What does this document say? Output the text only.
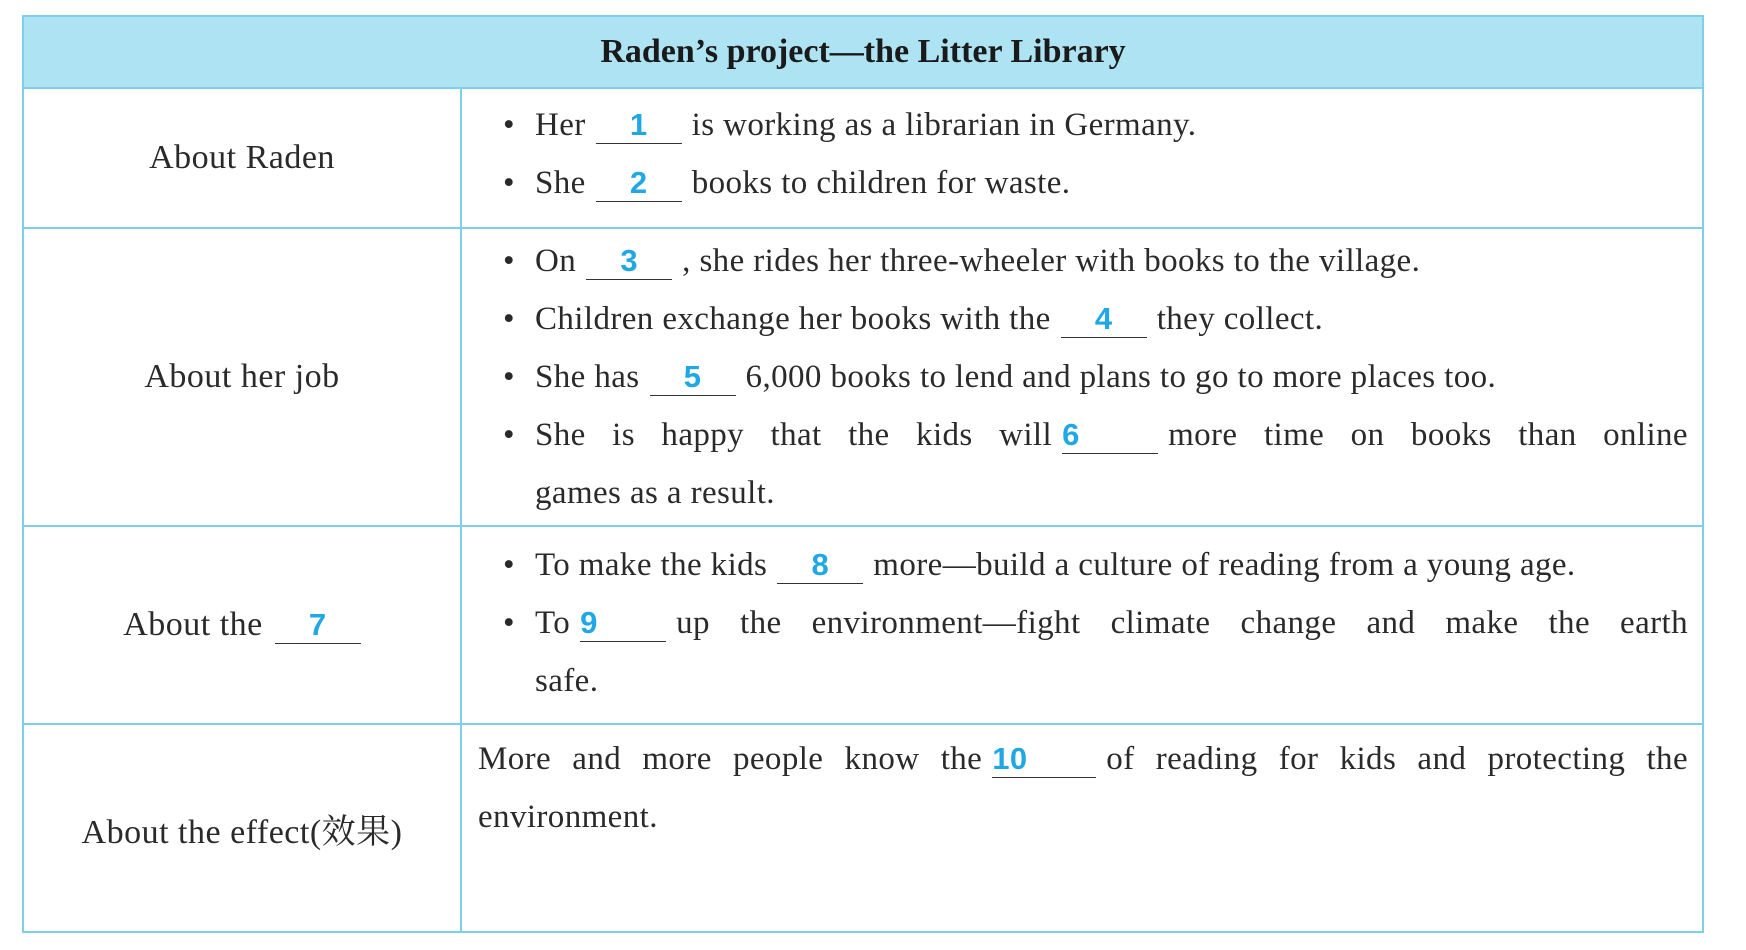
Raden’s project—the Litter Library
About Raden
• Her 1 is working as a librarian in Germany.
• She 2 books to children for waste.
About her job
• On 3 , she rides her three-wheeler with books to the village.
• Children exchange her books with the 4 they collect.
• She has 5 6,000 books to lend and plans to go to more places too.
• She is happy that the kids will 6	more time on books than online
games as a result.
About the	7
• To make the kids 8 more—build a culture of reading from a young age.
• To 9 up the environment—fight climate change and make the earth
safe.
About the effect(效果)
More and more people know the 10 of reading for kids and protecting the
environment.
